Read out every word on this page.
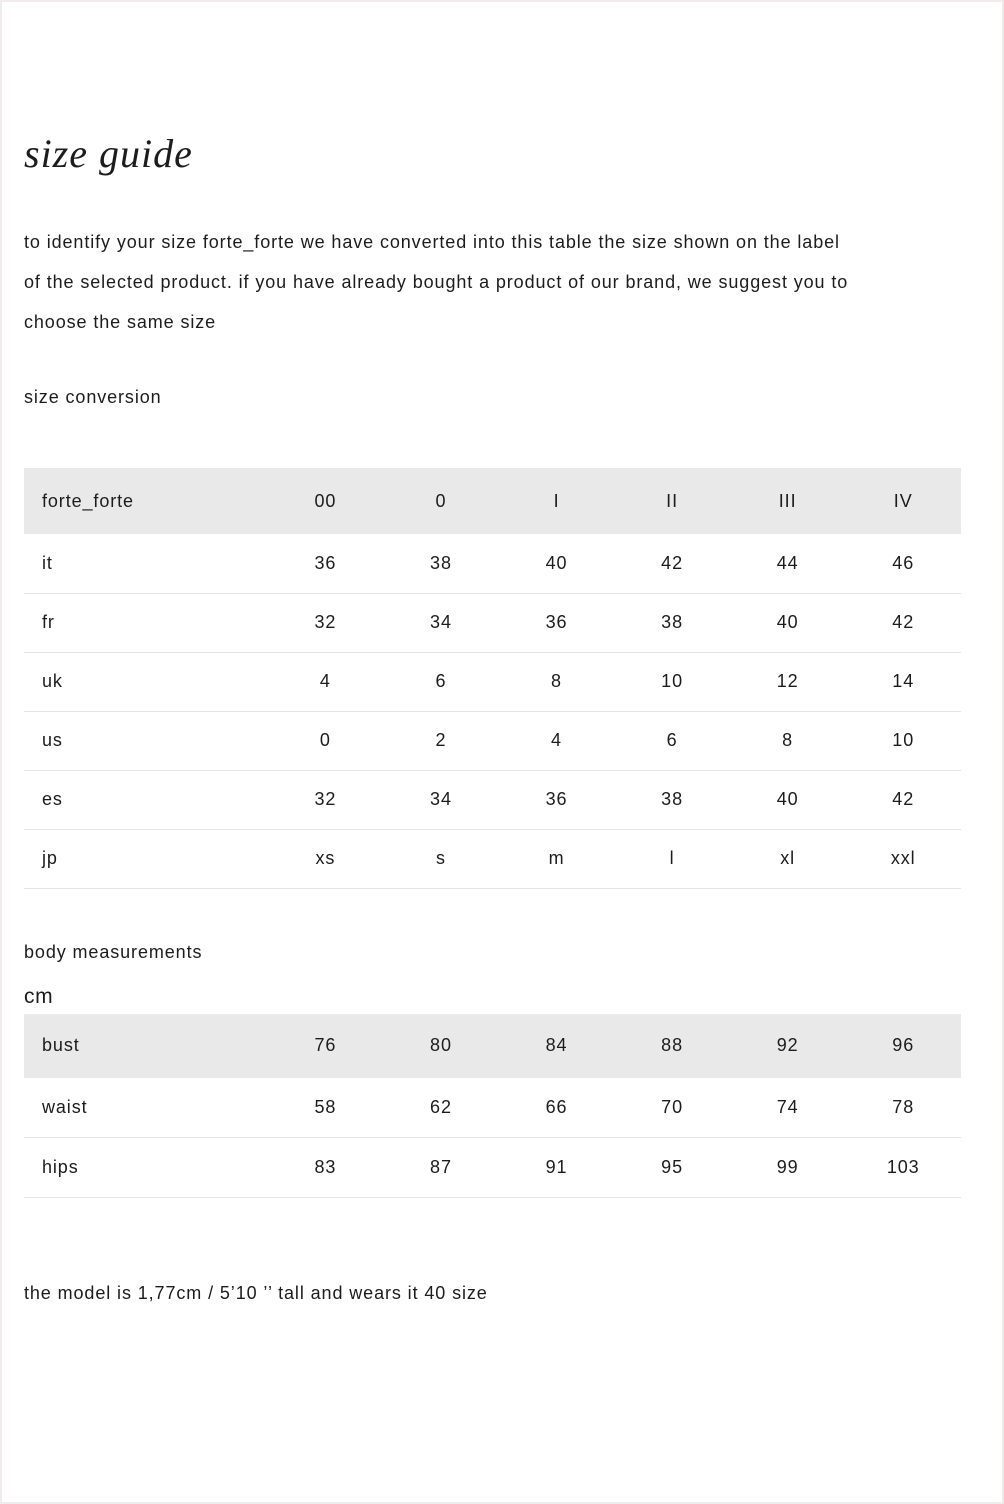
size guide
to identify your size forte_forte we have converted into this table the size shown on the label
of the selected product. if you have already bought a product of our brand, we suggest you to
choose the same size
size conversion
forte_forte	00	0	I	II	III	IV
it	36	38	40	42	44	46
fr	32	34	36	38	40	42
uk	4	6	8	10	12	14
us	0	2	4	6	8	10
es	32	34	36	38	40	42
jp	xs	s	m	l	xl	xxl
body measurements
cm
bust	76	80	84	88	92	96
waist	58	62	66	70	74	78
hips	83	87	91	95	99	103
the model is 1,77cm / 5’10 ’’ tall and wears it 40 size
